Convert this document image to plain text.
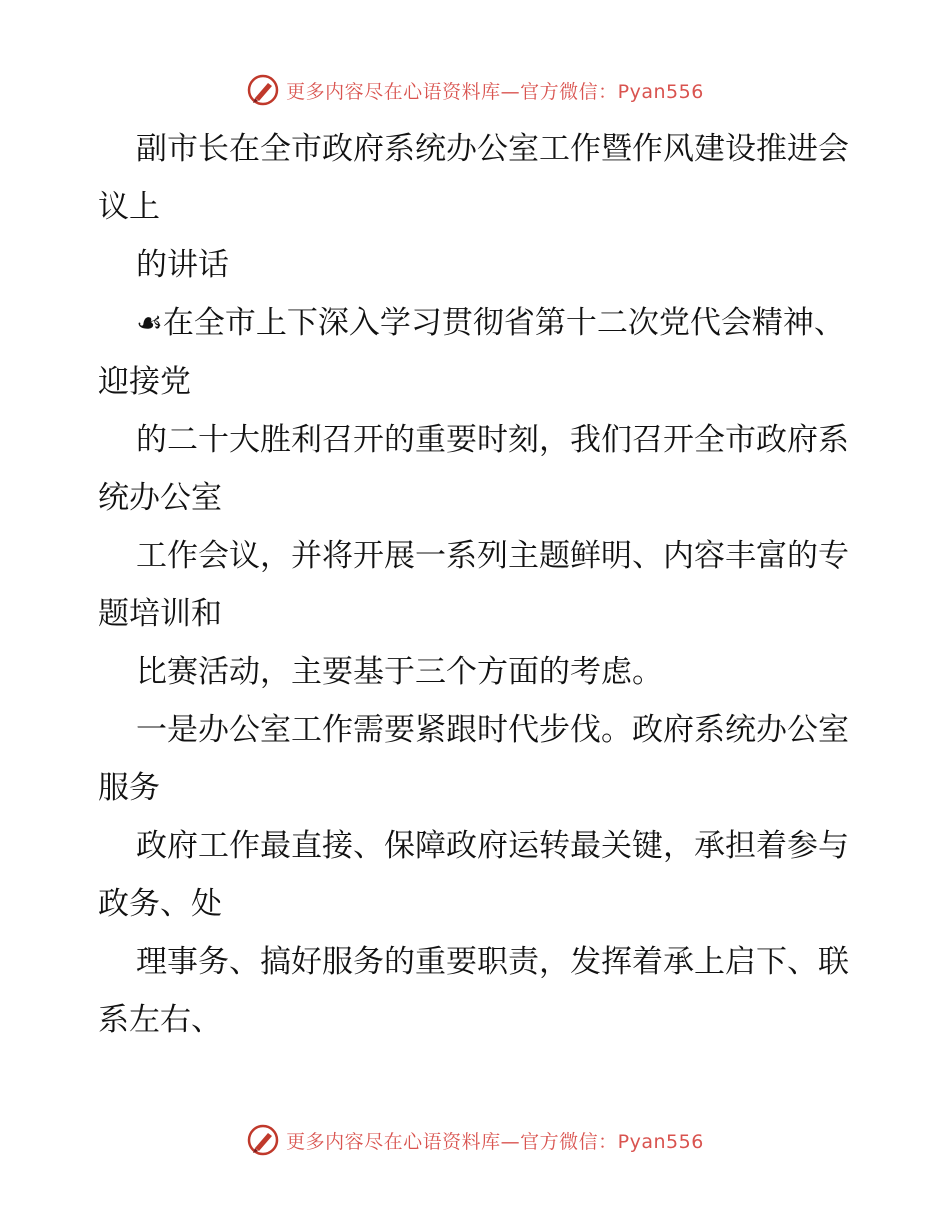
更多内容尽在心语资料库—官方微信：Pyan556

副市长在全市政府系统办公室工作暨作风建设推进会议上

的讲话

☙在全市上下深入学习贯彻省第十二次党代会精神、迎接党

的二十大胜利召开的重要时刻，我们召开全市政府系统办公室

工作会议，并将开展一系列主题鲜明、内容丰富的专题培训和

比赛活动，主要基于三个方面的考虑。

一是办公室工作需要紧跟时代步伐。政府系统办公室服务

政府工作最直接、保障政府运转最关键，承担着参与政务、处

理事务、搞好服务的重要职责，发挥着承上启下、联系左右、

更多内容尽在心语资料库—官方微信：Pyan556
